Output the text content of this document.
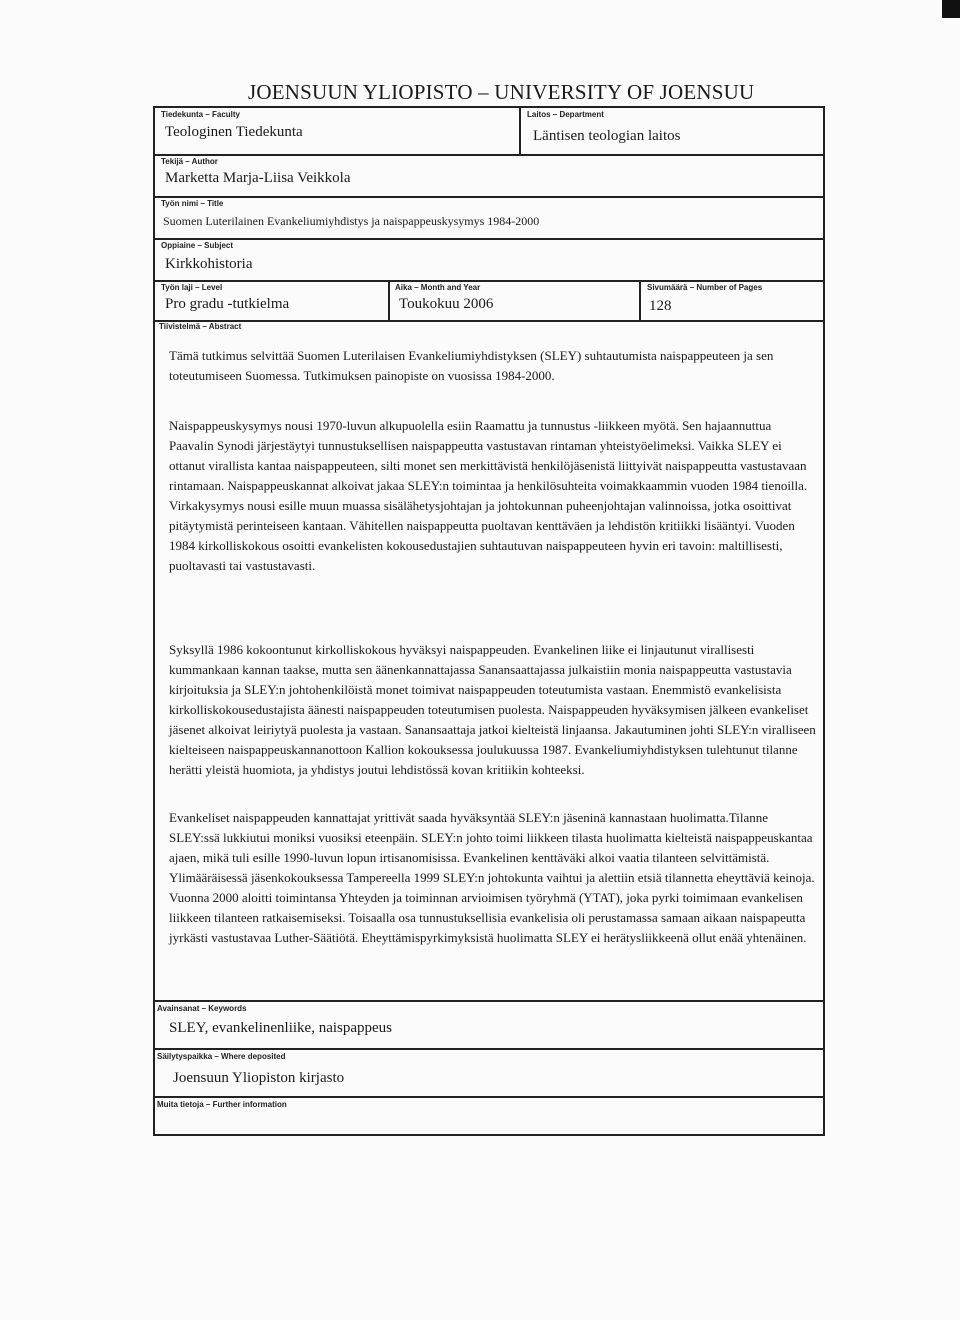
JOENSUUN YLIOPISTO – UNIVERSITY OF JOENSUU
Tiedekunta – Faculty
Teologinen Tiedekunta
Laitos – Department
Läntisen teologian laitos
Tekijä – Author
Marketta Marja-Liisa Veikkola
Työn nimi – Title
Suomen Luterilainen Evankeliumiyhdistys ja naispappeuskysymys 1984-2000
Oppiaine – Subject
Kirkkohistoria
Työn laji – Level
Pro gradu -tutkielma
Aika – Month and Year
Toukokuu 2006
Sivumäärä – Number of Pages
128
Tiivistelmä – Abstract

Tämä tutkimus selvittää Suomen Luterilaisen Evankeliumiyhdistyksen (SLEY) suhtautumista naispappeuteen ja sen toteutumiseen Suomessa. Tutkimuksen painopiste on vuosissa 1984-2000.

Naispappeuskysymys nousi 1970-luvun alkupuolella esiin Raamattu ja tunnustus -liikkeen myötä. Sen hajaannuttua Paavalin Synodi järjestäytyi tunnustuksellisen naispappeutta vastustavan rintaman yhteistyöelimeksi. Vaikka SLEY ei ottanut virallista kantaa naispappeuteen, silti monet sen merkittävistä henkilöjäsenistä liittyivät naispappeutta vastustavaan rintamaan. Naispappeuskannat alkoivat jakaa SLEY:n toimintaa ja henkilösuhteita voimakkaammin vuoden 1984 tienoilla. Virkakysymys nousi esille muun muassa sisälähetysjohtajan ja johtokunnan puheenjohtajan valinnoissa, jotka osoittivat pitäytymistä perinteiseen kantaan. Vähitellen naispappeutta puoltavan kenttäväen ja lehdistön kritiikki lisääntyi. Vuoden 1984 kirkolliskokous osoitti evankelisten kokousedustajien suhtautuvan naispappeuteen hyvin eri tavoin: maltillisesti, puoltavasti tai vastustavasti.

Syksyllä 1986 kokoontunut kirkolliskokous hyväksyi naispappeuden. Evankelinen liike ei linjautunut virallisesti kummankaan kannan taakse, mutta sen äänenkannattajassa Sanansaattajassa julkaistiin monia naispappeutta vastustavia kirjoituksia ja SLEY:n johtohenkilöistä monet toimivat naispappeuden toteutumista vastaan. Enemmistö evankelisista kirkolliskokousedustajista äänesti naispappeuden toteutumisen puolesta. Naispappeuden hyväksymisen jälkeen evankeliset jäsenet alkoivat leiriytyä puolesta ja vastaan. Sanansaattaja jatkoi kielteistä linjaansa. Jakautuminen johti SLEY:n viralliseen kielteiseen naispappeuskannanottoon Kallion kokouksessa joulukuussa 1987. Evankeliumiyhdistyksen tulehtunut tilanne herätti yleistä huomiota, ja yhdistys joutui lehdistössä kovan kritiikin kohteeksi.

Evankeliset naispappeuden kannattajat yrittivät saada hyväksyntää SLEY:n jäseninä kannastaan huolimatta.Tilanne SLEY:ssä lukkiutui moniksi vuosiksi eteenpäin. SLEY:n johto toimi liikkeen tilasta huolimatta kielteistä naispappeuskantaa ajaen, mikä tuli esille 1990-luvun lopun irtisanomisissa. Evankelinen kenttäväki alkoi vaatia tilanteen selvittämistä. Ylimääräisessä jäsenkokouksessa Tampereella 1999 SLEY:n johtokunta vaihtui ja alettiin etsiä tilannetta eheyttäviä keinoja. Vuonna 2000 aloitti toimintansa Yhteyden ja toiminnan arvioimisen työryhmä (YTAT), joka pyrki toimimaan evankelisen liikkeen tilanteen ratkaisemiseksi. Toisaalla osa tunnustuksellisia evankelisia oli perustamassa samaan aikaan naispapeutta jyrkästi vastustavaa Luther-Säätiötä. Eheyttämispyrkimyksistä huolimatta SLEY ei herätysliikkeenä ollut enää yhtenäinen.

Avainsanat – Keywords
SLEY, evankelinenliike, naispappeus
Säilytyspaikka – Where deposited
Joensuun Yliopiston kirjasto
Muita tietoja – Further information
